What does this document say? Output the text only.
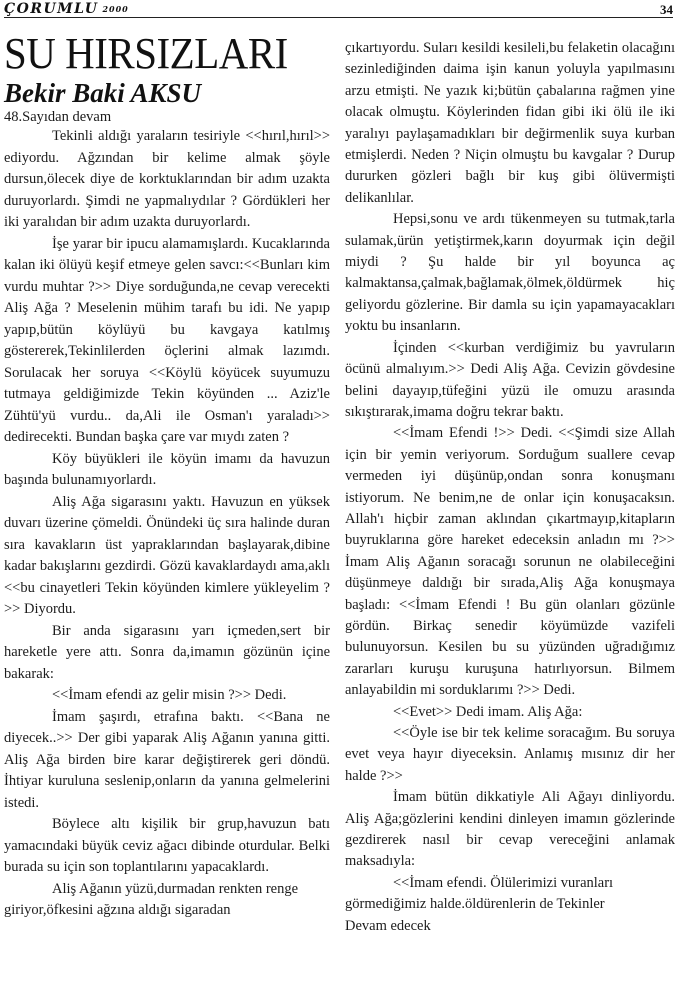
ÇORUMLU 2000	34
SU HIRSIZLARI
Bekir Baki AKSU

48.Sayıdan devam

Tekinli aldığı yaraların tesiriyle <<hırıl,hırıl>> ediyordu. Ağzından bir kelime almak şöyle dursun,ölecek diye de korktuklarından bir adım uzakta duruyorlardı. Şimdi ne yapmalıydılar ? Gördükleri her iki yaralıdan bir adım uzakta duruyorlardı.

İşe yarar bir ipucu alamamışlardı. Kucaklarında kalan iki ölüyü keşif etmeye gelen savcı:<<Bunları kim vurdu muhtar ?>> Diye sorduğunda,ne cevap verecekti Aliş Ağa ? Meselenin mühim tarafı bu idi. Ne yapıp yapıp,bütün köylüyü bu kavgaya katılmış göstererek,Tekinlilerden öçlerini almak lazımdı. Sorulacak her soruya <<Köylü köyücek suyumuzu tutmaya geldiğimizde Tekin köyünden ... Aziz'le Zühtü'yü vurdu.. da,Ali ile Osman'ı yaraladı>> dedirecekti. Bundan başka çare var mıydı zaten ?

Köy büyükleri ile köyün imamı da havuzun başında bulunamıyorlardı.

Aliş Ağa sigarasını yaktı. Havuzun en yüksek duvarı üzerine çömeldi. Önündeki üç sıra halinde duran sıra kavakların üst yapraklarından başlayarak,dibine kadar bakışlarını gezdirdi. Gözü kavaklardaydı ama,aklı <<bu cinayetleri Tekin köyünden kimlere yükleyelim ?>> Diyordu.

Bir anda sigarasını yarı içmeden,sert bir hareketle yere attı. Sonra da,imamın gözünün içine bakarak:

<<İmam efendi az gelir misin ?>> Dedi.

İmam şaşırdı, etrafına baktı. <<Bana ne diyecek..>> Der gibi yaparak Aliş Ağanın yanına gitti. Aliş Ağa birden bire karar değiştirerek geri döndü. İhtiyar kuruluna seslenip,onların da yanına gelmelerini istedi.

Böylece altı kişilik bir grup,havuzun batı yamacındaki büyük ceviz ağacı dibinde oturdular. Belki burada su için son toplantılarını yapacaklardı.

Aliş Ağanın yüzü,durmadan renkten renge giriyor,öfkesini ağzına aldığı sigaradan

çıkartıyordu. Suları kesildi kesileli,bu felaketin olacağını sezinlediğinden daima işin kanun yoluyla yapılmasını arzu etmişti. Ne yazık ki;bütün çabalarına rağmen yine olacak olmuştu. Köylerinden fidan gibi iki ölü ile iki yaralıyı paylaşamadıkları bir değirmenlik suya kurban etmişlerdi. Neden ? Niçin olmuştu bu kavgalar ? Durup dururken gözleri bağlı bir kuş gibi ölüvermişti delikanlılar.

Hepsi,sonu ve ardı tükenmeyen su tutmak,tarla sulamak,ürün yetiştirmek,karın doyurmak için değil miydi ? Şu halde bir yıl boyunca aç kalmaktansa,çalmak,bağlamak,ölmek,öldürmek hiç geliyordu gözlerine. Bir damla su için yapamayacakları yoktu bu insanların.

İçinden <<kurban verdiğimiz bu yavruların öcünü almalıyım.>> Dedi Aliş Ağa. Cevizin gövdesine belini dayayıp,tüfeğini yüzü ile omuzu arasında sıkıştırarak,imama doğru tekrar baktı.

<<İmam Efendi !>> Dedi. <<Şimdi size Allah için bir yemin veriyorum. Sorduğum suallere cevap vermeden iyi düşünüp,ondan sonra konuşmanı istiyorum. Ne benim,ne de onlar için konuşacaksın. Allah'ı hiçbir zaman aklından çıkartmayıp,kitapların buyruklarına göre hareket edeceksin anladın mı ?>> İmam Aliş Ağanın soracağı sorunun ne olabileceğini düşünmeye daldığı bir sırada,Aliş Ağa konuşmaya başladı: <<İmam Efendi ! Bu gün olanları gözünle gördün. Birkaç senedir köyümüzde vazifeli bulunuyorsun. Kesilen bu su yüzünden uğradığımız zararları kuruşu kuruşuna hatırlıyorsun. Bilmem anlayabildin mi sorduklarımı ?>> Dedi.

<<Evet>> Dedi imam. Aliş Ağa:

<<Öyle ise bir tek kelime soracağım. Bu soruya evet veya hayır diyeceksin. Anlamış mısınız dir her halde ?>>

İmam bütün dikkatiyle Ali Ağayı dinliyordu. Aliş Ağa;gözlerini kendini dinleyen imamın gözlerinde gezdirerek nasıl bir cevap vereceğini anlamak maksadıyla:

<<İmam efendi. Ölülerimizi vuranları görmediğimiz halde.öldürenlerin de Tekinler

Devam edecek
